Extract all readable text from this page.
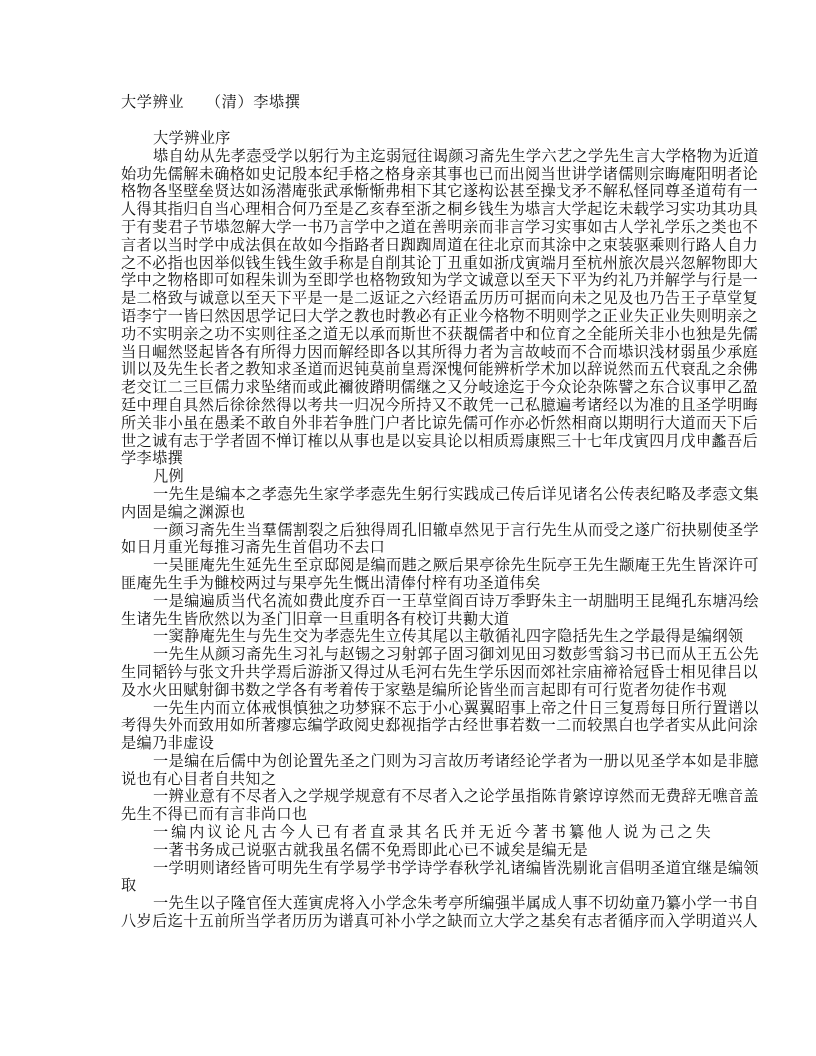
大学辨业 （清）李塨撰
大学辨业序
塨自幼从先孝悫受学以躬行为主迄弱冠往谒颜习斋先生学六艺之学先生言大学格物为近道
始功先儒解未确格如史记殷本纪手格之格身亲其事也已而出阅当世讲学诸儒则宗晦庵阳明者论
格物各坚壁垒贤达如汤潜庵张武承惭惭弗相下其它遂构讼甚至操戈矛不解私怪同尊圣道苟有一
人得其指归自当心理相合何乃至是乙亥春至浙之桐乡钱生为塨言大学起讫未载学习实功其功具
于有斐君子节塨忽解大学一书乃言学中之道在善明亲而非言学习实事如古人学礼学乐之类也不
言者以当时学中成法俱在故如今指路者日踟踟周道在往北京而其涂中之束装驱乘则行路人自力
之不必指也因举似钱生钱生敛手称是自削其论丁丑重如浙戊寅端月至杭州旅次晨兴忽解物即大
学中之物格即可如程朱训为至即学也格物致知为学文诚意以至天下平为约礼乃并解学与行是一
是二格致与诚意以至天下平是一是二返证之六经语孟历历可据而向未之见及也乃告王子草堂复
语李宁一皆曰然因思学记曰大学之教也时教必有正业今格物不明则学之正业失正业失则明亲之
功不实明亲之功不实则往圣之道无以承而斯世不获覩儒者中和位育之全能所关非小也独是先儒
当日崛然竖起皆各有所得力因而解经即各以其所得力者为言故岐而不合而塨识浅材弱虽少承庭
训以及先生长者之教知求圣道而迟钝莫前皇焉深愧何能辨析学术加以辞说然而五代衰乱之余佛
老交讧二三巨儒力求坠绪而或此禰彼蹐明儒继之又分岐途迄于今众论杂陈譬之东合议事甲乙盈
廷中理自具然后徐徐然得以考共一归况今所持又不敢凭一己私臆遍考诸经以为准的且圣学明晦
所关非小虽在愚柔不敢自外非若争胜门户者比谅先儒可作亦必忻然相商以期明行大道而天下后
世之诚有志于学者固不惮订榷以从事也是以妄具论以相质焉康熙三十七年戊寅四月戊申蠡吾后
学李塨撰
凡例
一先生是编本之孝悫先生家学孝悫先生躬行实践成己传后详见诸名公传表纪略及孝悫文集
内固是编之渊源也
一颜习斋先生当羣儒割裂之后独得周孔旧辙卓然见于言行先生从而受之遂广衍抉剔使圣学
如日月重光每推习斋先生首倡功不去口
一吴匪庵先生延先生至京邸阅是编而韪之厥后果亭徐先生阮亭王先生颛庵王先生皆深许可
匪庵先生手为雠校两过与果亭先生慨出清俸付梓有功圣道伟矣
一是编遍质当代名流如费此度乔百一王草堂阎百诗万季野朱主一胡朏明王昆绳孔东塘冯绘
生诸先生皆欣然以为圣门旧章一旦重明各有校订共勷大道
一窦静庵先生与先生交为孝悫先生立传其尾以主敬循礼四字隐括先生之学最得是编纲领
一先生从颜习斋先生习礼与赵锡之习射郭子固习御刘见田习数彭雪翁习书已而从王五公先
生同韬钤与张文升共学焉后游浙又得过从毛河右先生学乐因而郊社宗庙禘祫冠昏士相见律吕以
及水火田赋射御书数之学各有考着传于家塾是编所论皆坐而言起即有可行览者勿徒作书观
一先生内而立体戒惧慎独之功梦寐不忘于小心翼翼昭事上帝之什日三复焉每日所行置谱以
考得失外而致用如所著瘳忘编学政阅史郄视指学古经世事若数一二而较黑白也学者实从此问涂
是编乃非虚设
一是编在后儒中为创论置先圣之门则为习言故历考诸经论学者为一册以见圣学本如是非臆
说也有心目者自共知之
一辨业意有不尽者入之学规学规意有不尽者入之论学虽指陈肯綮谆谆然而无费辞无噍音盖
先生不得已而有言非尚口也
一编内议论凡古今人已有者直录其名氏并无近今著书纂他人说为己之失
一著书务成己说驱古就我虽名儒不免焉即此心已不诚矣是编无是
一学明则诸经皆可明先生有学易学书学诗学春秋学礼诸编皆洗剔讹言倡明圣道宜继是编领
取
一先生以子隆官侄大莲寅虎将入小学念朱考亭所编强半属成人事不切幼童乃纂小学一书自
八岁后迄十五前所当学者历历为谱真可补小学之缺而立大学之基矣有志者循序而入学明道兴人
